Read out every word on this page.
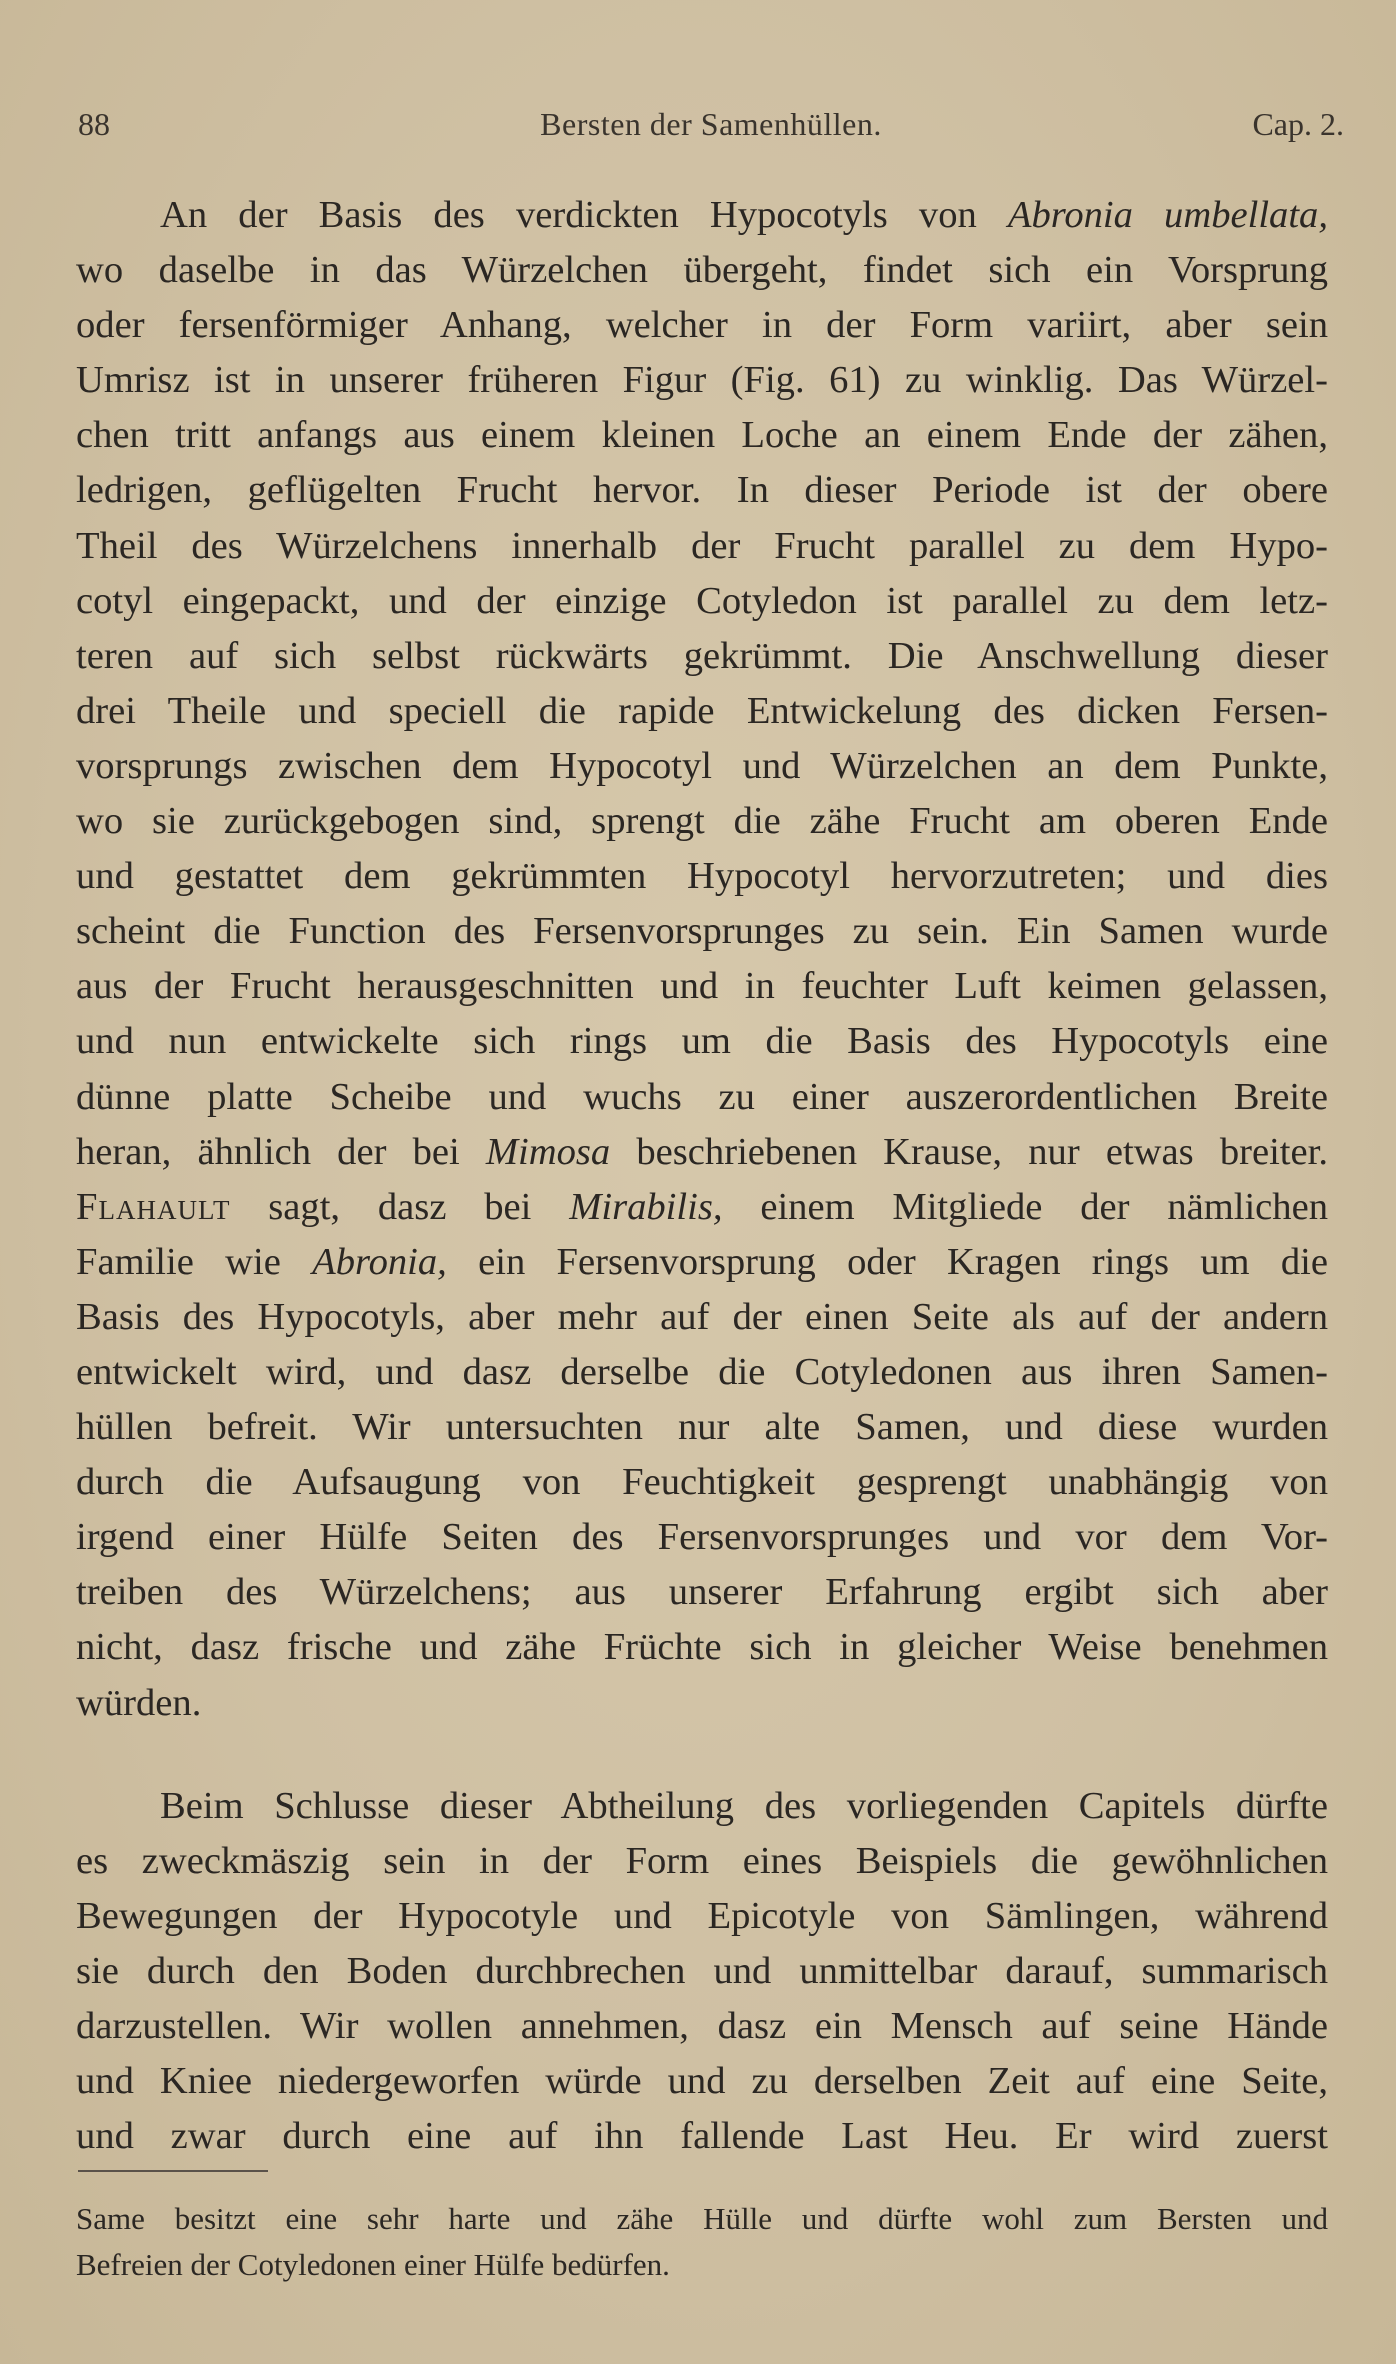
88	Bersten der Samenhüllen.	Cap. 2.
An der Basis des verdickten Hypocotyls von Abronia umbellata,
wo daselbe in das Würzelchen übergeht, findet sich ein Vorsprung
oder fersenförmiger Anhang, welcher in der Form variirt, aber sein
Umrisz ist in unserer früheren Figur (Fig. 61) zu winklig. Das Würzel-
chen tritt anfangs aus einem kleinen Loche an einem Ende der zähen,
ledrigen, geflügelten Frucht hervor. In dieser Periode ist der obere
Theil des Würzelchens innerhalb der Frucht parallel zu dem Hypo-
cotyl eingepackt, und der einzige Cotyledon ist parallel zu dem letz-
teren auf sich selbst rückwärts gekrümmt. Die Anschwellung dieser
drei Theile und speciell die rapide Entwickelung des dicken Fersen-
vorsprungs zwischen dem Hypocotyl und Würzelchen an dem Punkte,
wo sie zurückgebogen sind, sprengt die zähe Frucht am oberen Ende
und gestattet dem gekrümmten Hypocotyl hervorzutreten; und dies
scheint die Function des Fersenvorsprunges zu sein. Ein Samen wurde
aus der Frucht herausgeschnitten und in feuchter Luft keimen gelassen,
und nun entwickelte sich rings um die Basis des Hypocotyls eine
dünne platte Scheibe und wuchs zu einer auszerordentlichen Breite
heran, ähnlich der bei Mimosa beschriebenen Krause, nur etwas breiter.
Flahault sagt, dasz bei Mirabilis, einem Mitgliede der nämlichen
Familie wie Abronia, ein Fersenvorsprung oder Kragen rings um die
Basis des Hypocotyls, aber mehr auf der einen Seite als auf der andern
entwickelt wird, und dasz derselbe die Cotyledonen aus ihren Samen-
hüllen befreit. Wir untersuchten nur alte Samen, und diese wurden
durch die Aufsaugung von Feuchtigkeit gesprengt unabhängig von
irgend einer Hülfe Seiten des Fersenvorsprunges und vor dem Vor-
treiben des Würzelchens; aus unserer Erfahrung ergibt sich aber
nicht, dasz frische und zähe Früchte sich in gleicher Weise benehmen
würden.
Beim Schlusse dieser Abtheilung des vorliegenden Capitels dürfte
es zweckmäszig sein in der Form eines Beispiels die gewöhnlichen
Bewegungen der Hypocotyle und Epicotyle von Sämlingen, während
sie durch den Boden durchbrechen und unmittelbar darauf, summarisch
darzustellen. Wir wollen annehmen, dasz ein Mensch auf seine Hände
und Kniee niedergeworfen würde und zu derselben Zeit auf eine Seite,
und zwar durch eine auf ihn fallende Last Heu. Er wird zuerst
Same besitzt eine sehr harte und zähe Hülle und dürfte wohl zum Bersten und
Befreien der Cotyledonen einer Hülfe bedürfen.
